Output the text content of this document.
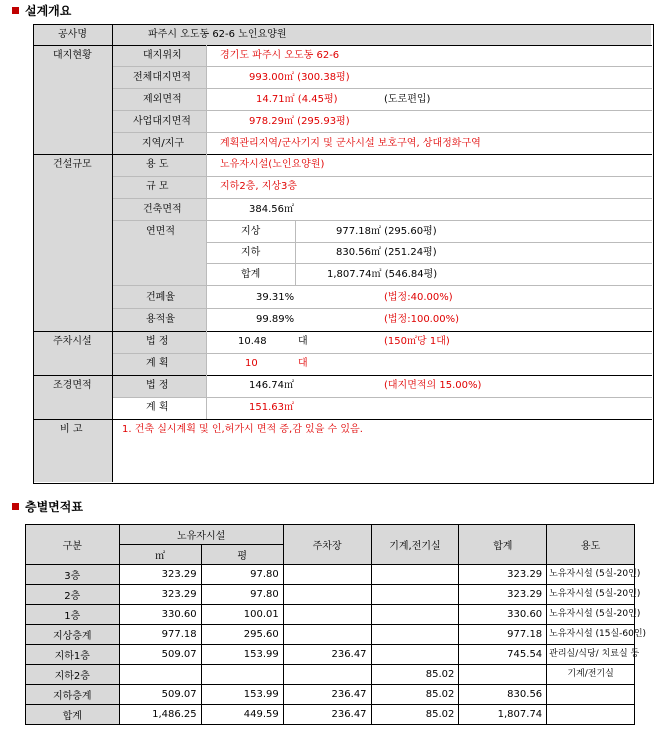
설계개요
공사명	파주시 오도동 62-6 노인요양원
대지현황	대지위치	경기도 파주시 오도동 62-6
전체대지면적	993.00㎡ (300.38평)
제외면적	14.71㎡ (4.45평)	(도로편입)
사업대지면적	978.29㎡ (295.93평)
지역/지구	계획관리지역/군사기지 및 군사시설 보호구역, 상대정화구역
건설규모	용 도	노유자시설(노인요양원)
규 모	지하2층, 지상3층
건축면적	384.56㎡
연면적	지상	977.18㎡ (295.60평)
지하	830.56㎡ (251.24평)
합계	1,807.74㎡ (546.84평)
건폐율	39.31%	(법정:40.00%)
용적율	99.89%	(법정:100.00%)
주차시설	법 정	10.48	대	(150㎡당 1대)
계 획	10	대
조경면적	법 정	146.74㎡	(대지면적의 15.00%)
계 획	151.63㎡
비 고	1. 건축 실시계획 및 인,허가시 면적 증,감 있을 수 있음.
층별면적표
구분	노유자시설		주차장	기계,전기실	합계	용도
	㎡	평				
3층	323.29	97.80			323.29	노유자시설 (5실-20인)
2층	323.29	97.80			323.29	노유자시설 (5실-20인)
1층	330.60	100.01			330.60	노유자시설 (5실-20인)
지상층계	977.18	295.60			977.18	노유자시설 (15실-60인)
지하1층	509.07	153.99	236.47		745.54	관리실/식당/ 치료실 등
지하2층				85.02		기계/전기실
지하층계	509.07	153.99	236.47	85.02	830.56	
합계	1,486.25	449.59	236.47	85.02	1,807.74	
